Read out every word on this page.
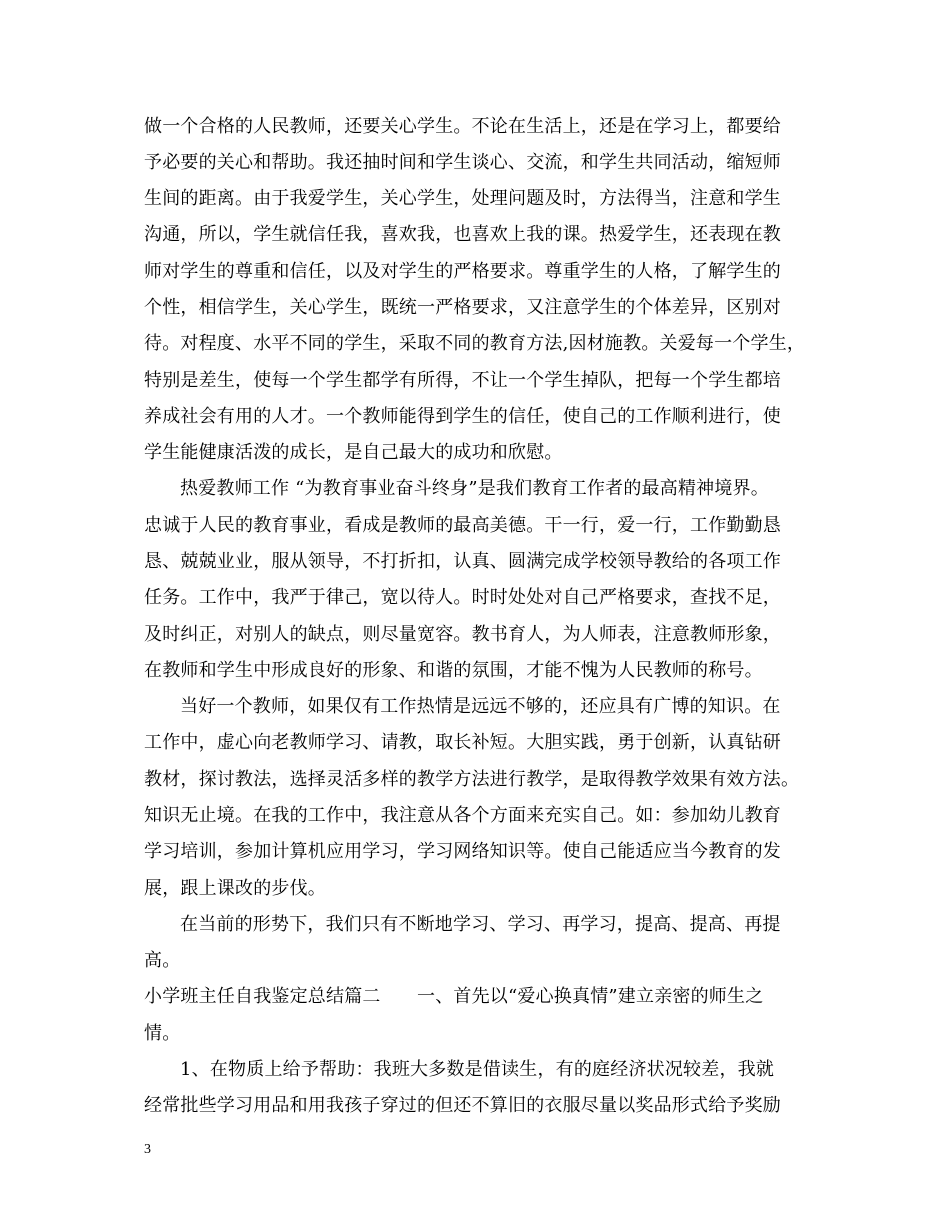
做一个合格的人民教师，还要关心学生。不论在生活上，还是在学习上，都要给
予必要的关心和帮助。我还抽时间和学生谈心、交流，和学生共同活动，缩短师
生间的距离。由于我爱学生，关心学生，处理问题及时，方法得当，注意和学生
沟通，所以，学生就信任我，喜欢我，也喜欢上我的课。热爱学生，还表现在教
师对学生的尊重和信任，以及对学生的严格要求。尊重学生的人格，了解学生的
个性，相信学生，关心学生，既统一严格要求，又注意学生的个体差异，区别对
待。对程度、水平不同的学生，采取不同的教育方法,因材施教。关爱每一个学生，
特别是差生，使每一个学生都学有所得，不让一个学生掉队，把每一个学生都培
养成社会有用的人才。一个教师能得到学生的信任，使自己的工作顺利进行，使
学生能健康活泼的成长，是自己最大的成功和欣慰。
热爱教师工作 “为教育事业奋斗终身”是我们教育工作者的最高精神境界。
忠诚于人民的教育事业，看成是教师的最高美德。干一行，爱一行，工作勤勤恳
恳、兢兢业业，服从领导，不打折扣，认真、圆满完成学校领导教给的各项工作
任务。工作中，我严于律己，宽以待人。时时处处对自己严格要求，查找不足，
及时纠正，对别人的缺点，则尽量宽容。教书育人，为人师表，注意教师形象，
在教师和学生中形成良好的形象、和谐的氛围，才能不愧为人民教师的称号。
当好一个教师，如果仅有工作热情是远远不够的，还应具有广博的知识。在
工作中，虚心向老教师学习、请教，取长补短。大胆实践，勇于创新，认真钻研
教材，探讨教法，选择灵活多样的教学方法进行教学，是取得教学效果有效方法。
知识无止境。在我的工作中，我注意从各个方面来充实自己。如：参加幼儿教育
学习培训，参加计算机应用学习，学习网络知识等。使自己能适应当今教育的发
展，跟上课改的步伐。
在当前的形势下，我们只有不断地学习、学习、再学习，提高、提高、再提
高。
小学班主任自我鉴定总结篇二　　一、首先以“爱心换真情”建立亲密的师生之
情。
1、在物质上给予帮助：我班大多数是借读生，有的庭经济状况较差，我就
经常批些学习用品和用我孩子穿过的但还不算旧的衣服尽量以奖品形式给予奖励
3
